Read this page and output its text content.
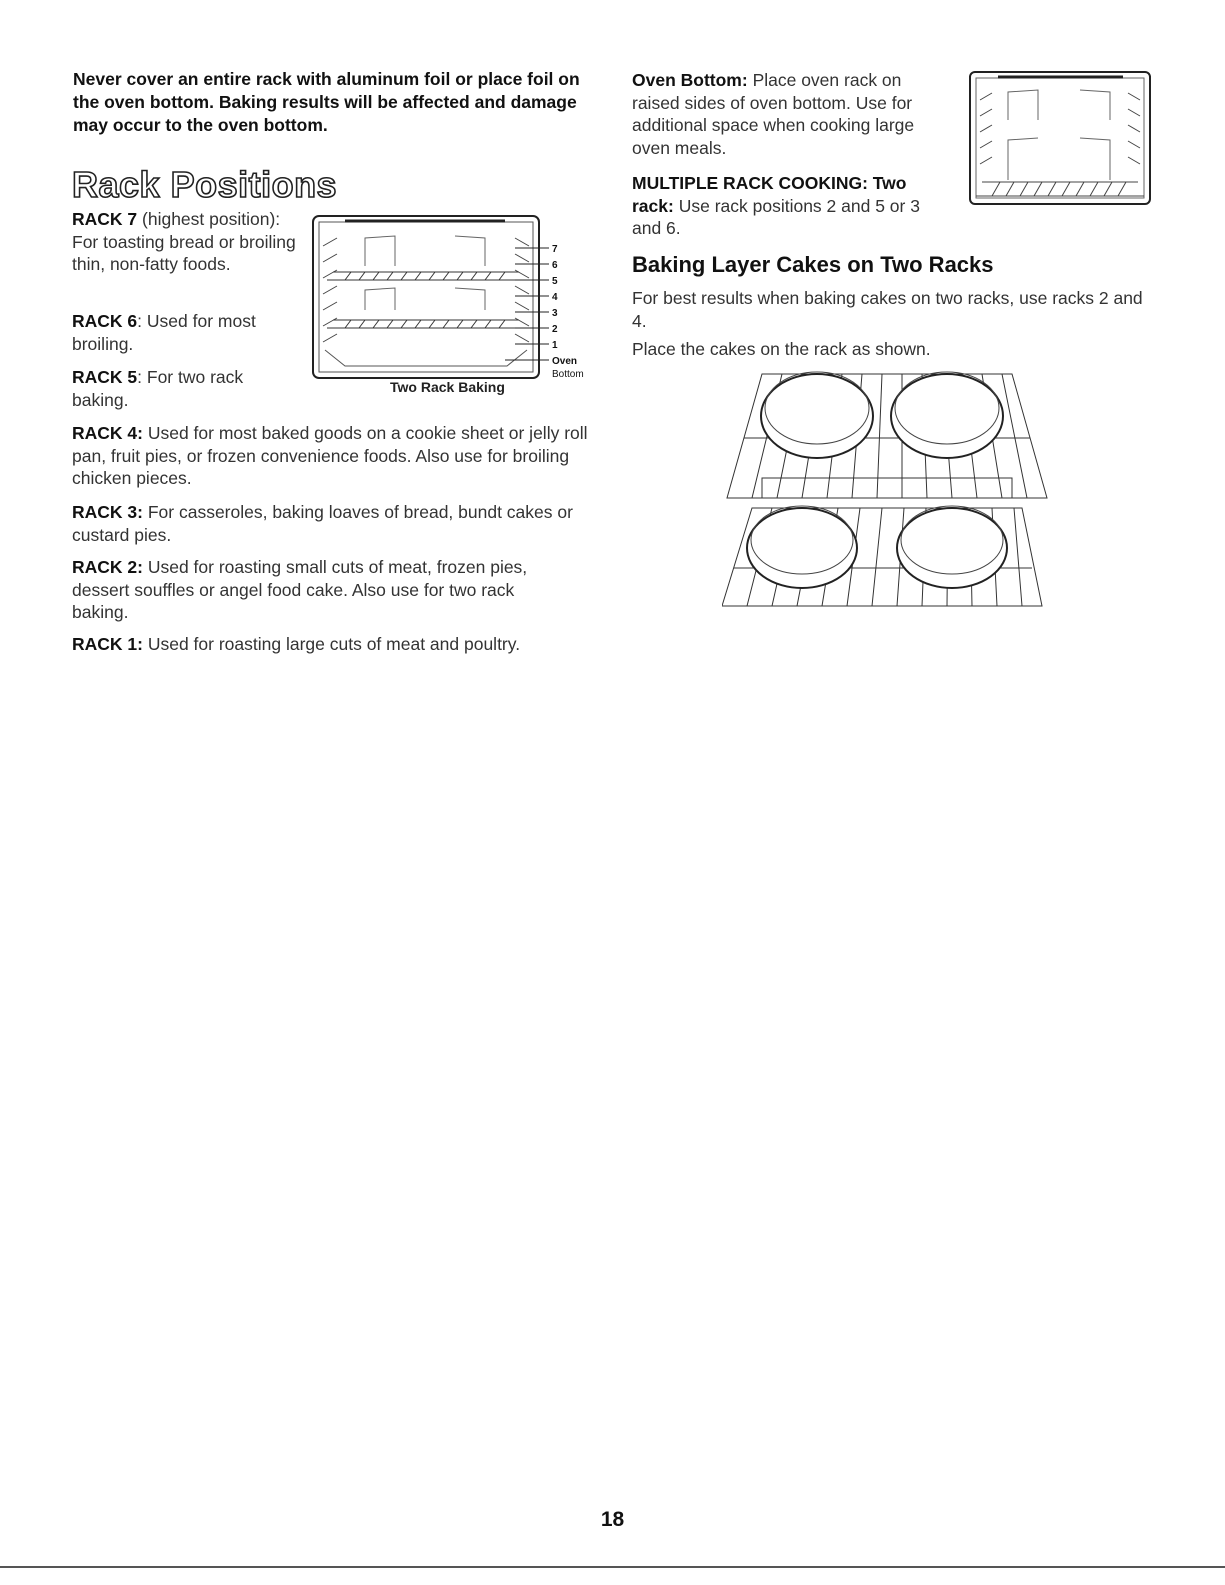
Never cover an entire rack with aluminum foil or place foil on the oven bottom. Baking results will be affected and damage may occur to the oven bottom.
Rack Positions

RACK 7 (highest position): For toasting bread or broiling thin, non-fatty foods.

RACK 6: Used for most broiling.

RACK 5: For two rack baking.

RACK 4: Used for most baked goods on a cookie sheet or jelly roll pan, fruit pies, or frozen convenience foods. Also use for broiling chicken pieces.

RACK 3: For casseroles, baking loaves of bread, bundt cakes or custard pies.

RACK 2: Used for roasting small cuts of meat, frozen pies, dessert souffles or angel food cake. Also use for two rack baking.

RACK 1: Used for roasting large cuts of meat and poultry.

7
6
5
4
3
2
1
Oven
Bottom
Two Rack Baking

Oven Bottom: Place oven rack on raised sides of oven bottom. Use for additional space when cooking large oven meals.

MULTIPLE RACK COOKING: Two rack: Use rack positions 2 and 5 or 3 and 6.

Baking Layer Cakes on Two Racks

For best results when baking cakes on two racks, use racks 2 and 4.

Place the cakes on the rack as shown.

18
